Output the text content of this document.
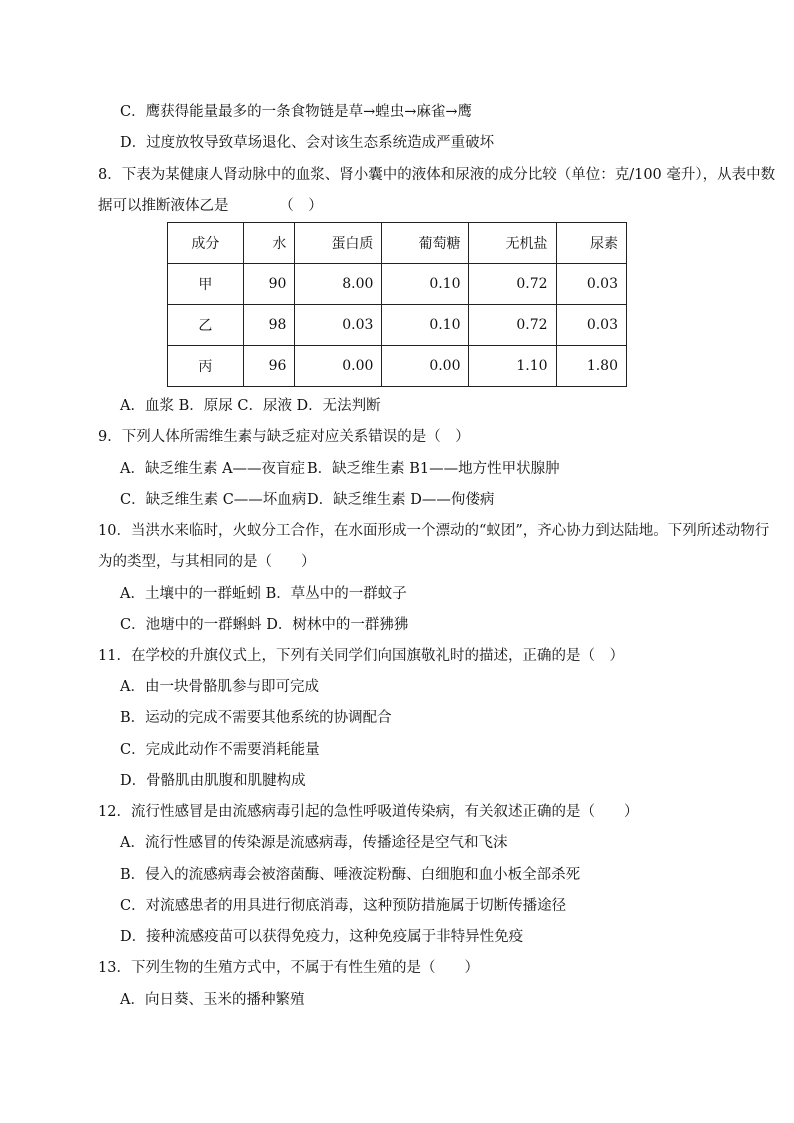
C．鹰获得能量最多的一条食物链是草→蝗虫→麻雀→鹰
D．过度放牧导致草场退化、会对该生态系统造成严重破坏
8．下表为某健康人肾动脉中的血浆、肾小囊中的液体和尿液的成分比较（单位：克/100 毫升），从表中数
据可以推断液体乙是　　　　（　）
成分	水	蛋白质	葡萄糖	无机盐	尿素
甲	90	8.00	0.10	0.72	0.03
乙	98	0.03	0.10	0.72	0.03
丙	96	0.00	0.00	1.10	1.80
A．血浆 B．原尿 C．尿液 D．无法判断
9．下列人体所需维生素与缺乏症对应关系错误的是（　）
A．缺乏维生素 A——夜盲症 B．缺乏维生素 B1——地方性甲状腺肿
C．缺乏维生素 C——坏血病 D．缺乏维生素 D——佝偻病
10．当洪水来临时，火蚁分工合作，在水面形成一个漂动的“蚁团”，齐心协力到达陆地。下列所述动物行
为的类型，与其相同的是（　　）
A．土壤中的一群蚯蚓 B．草丛中的一群蚊子
C．池塘中的一群蝌蚪 D．树林中的一群狒狒
11．在学校的升旗仪式上，下列有关同学们向国旗敬礼时的描述，正确的是（　）
A．由一块骨骼肌参与即可完成
B．运动的完成不需要其他系统的协调配合
C．完成此动作不需要消耗能量
D．骨骼肌由肌腹和肌腱构成
12．流行性感冒是由流感病毒引起的急性呼吸道传染病，有关叙述正确的是（　　）
A．流行性感冒的传染源是流感病毒，传播途径是空气和飞沫
B．侵入的流感病毒会被溶菌酶、唾液淀粉酶、白细胞和血小板全部杀死
C．对流感患者的用具进行彻底消毒，这种预防措施属于切断传播途径
D．接种流感疫苗可以获得免疫力，这种免疫属于非特异性免疫
13．下列生物的生殖方式中，不属于有性生殖的是（　　）
A．向日葵、玉米的播种繁殖
